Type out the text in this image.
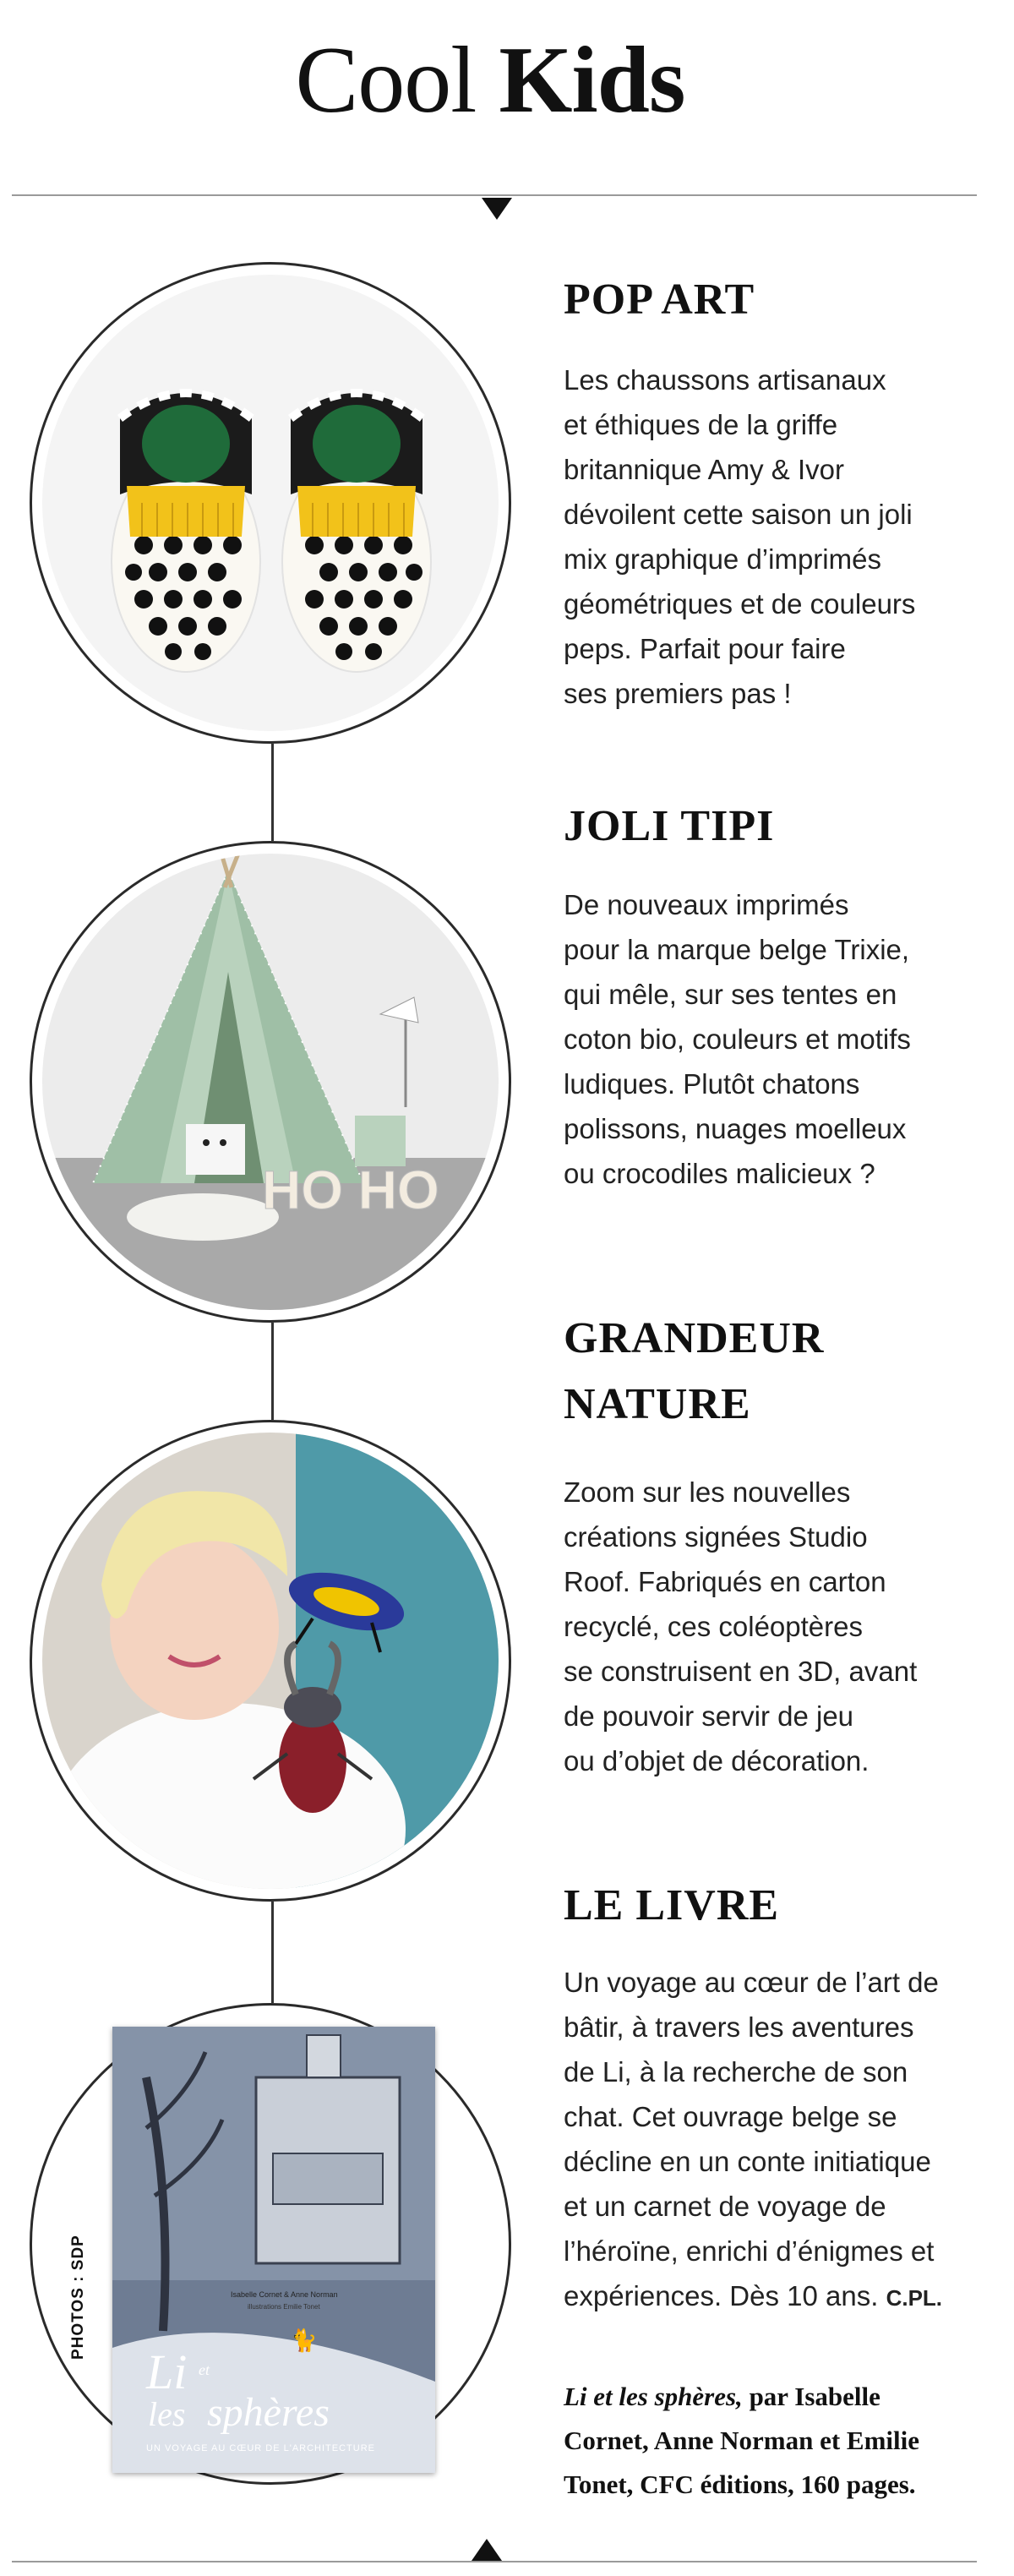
Cool Kids
HO HO
Isabelle Cornet & Anne Norman
illustrations Emilie Tonet
🐈
Li et
les sphères
UN VOYAGE AU CŒUR DE L'ARCHITECTURE
PHOTOS : SDP
POP ART

Les chaussons artisanaux
et éthiques de la griffe
britannique Amy & Ivor
dévoilent cette saison un joli
mix graphique d’imprimés
géométriques et de couleurs
peps. Parfait pour faire
ses premiers pas !

JOLI TIPI

De nouveaux imprimés
pour la marque belge Trixie,
qui mêle, sur ses tentes en
coton bio, couleurs et motifs
ludiques. Plutôt chatons
polissons, nuages moelleux
ou crocodiles malicieux ?

GRANDEUR
NATURE

Zoom sur les nouvelles
créations signées Studio
Roof. Fabriqués en carton
recyclé, ces coléoptères
se construisent en 3D, avant
de pouvoir servir de jeu
ou d’objet de décoration.

LE LIVRE

Un voyage au cœur de l’art de
bâtir, à travers les aventures
de Li, à la recherche de son
chat. Cet ouvrage belge se
décline en un conte initiatique
et un carnet de voyage de
l’héroïne, enrichi d’énigmes et
expériences. Dès 10 ans. C.PL.

Li et les sphères, par Isabelle
Cornet, Anne Norman et Emilie
Tonet, CFC éditions, 160 pages.
